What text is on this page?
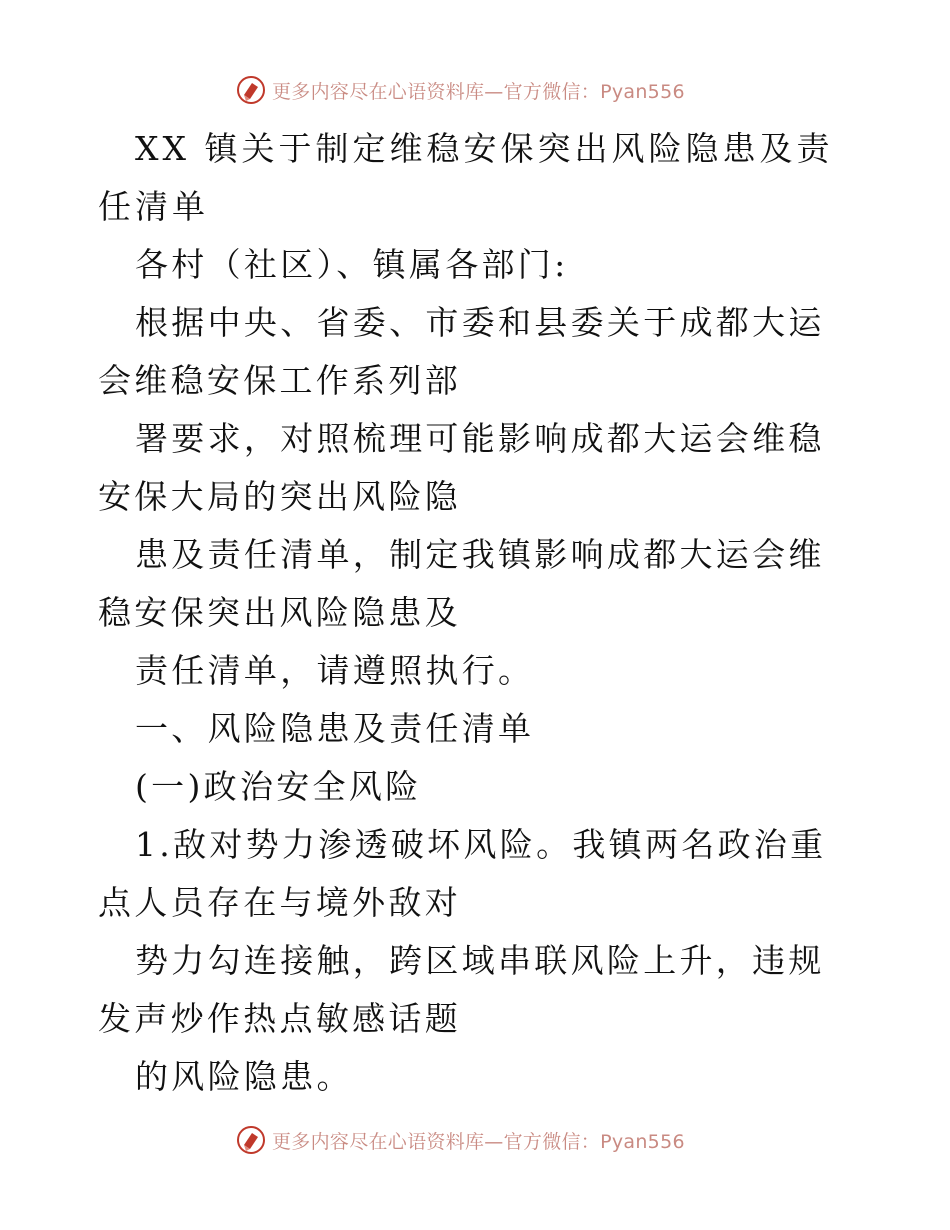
更多内容尽在心语资料库—官方微信：Pyan556

XX 镇关于制定维稳安保突出风险隐患及责任清单

各村（社区）、镇属各部门:

根据中央、省委、市委和县委关于成都大运会维稳安保工作系列部

署要求，对照梳理可能影响成都大运会维稳安保大局的突出风险隐

患及责任清单，制定我镇影响成都大运会维稳安保突出风险隐患及

责任清单，请遵照执行。

一、风险隐患及责任清单

(一)政治安全风险

1.敌对势力渗透破坏风险。我镇两名政治重点人员存在与境外敌对

势力勾连接触，跨区域串联风险上升，违规发声炒作热点敏感话题

的风险隐患。

更多内容尽在心语资料库—官方微信：Pyan556
